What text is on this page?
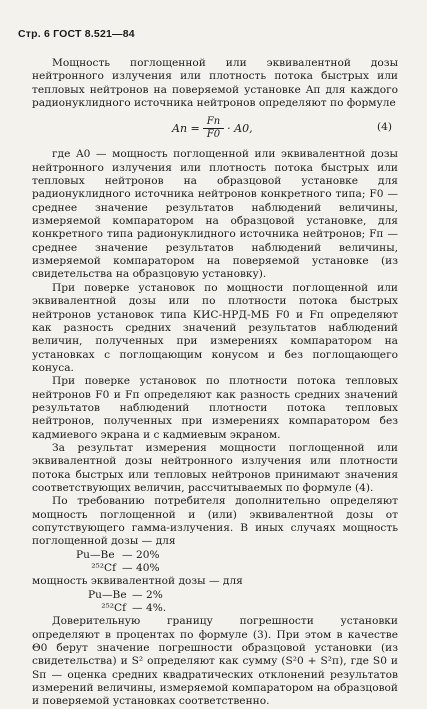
Стр. 6 ГОСТ 8.521—84

Мощность поглощенной или эквивалентной дозы нейтронного излучения или плотность потока быстрых или тепловых нейтронов на поверяемой установке Aп для каждого радионуклидного источника нейтронов определяют по формуле

Aп = $\frac{Fп}{F0} \cdot A0$,	(4)

где A0 — мощность поглощенной или эквивалентной дозы нейтронного излучения или плотность потока быстрых или тепловых нейтронов на образцовой установке для радионуклидного источника нейтронов конкретного типа; F0 — среднее значение результатов наблюдений величины, измеряемой компаратором на образцовой установке, для конкретного типа радионуклидного источника нейтронов; Fп — среднее значение результатов наблюдений величины, измеряемой компаратором на поверяемой установке (из свидетельства на образцовую установку).

При поверке установок по мощности поглощенной или эквивалентной дозы или по плотности потока быстрых нейтронов установок типа КИС-НРД-МБ F0 и Fп определяют как разность средних значений результатов наблюдений величин, полученных при измерениях компаратором на установках с поглощающим конусом и без поглощающего конуса.

При поверке установок по плотности потока тепловых нейтронов F0 и Fп определяют как разность средних значений результатов наблюдений плотности потока тепловых нейтронов, полученных при измерениях компаратором без кадмиевого экрана и с кадмиевым экраном.

За результат измерения мощности поглощенной или эквивалентной дозы нейтронного излучения или плотности потока быстрых или тепловых нейтронов принимают значения соответствующих величин, рассчитываемых по формуле (4).

По требованию потребителя дополнительно определяют мощность поглощенной и (или) эквивалентной дозы от сопутствующего гамма-излучения. В иных случаях мощность поглощенной дозы — для

Pu—Be — 20%
²⁵²Cf — 40%

мощность эквивалентной дозы — для

Pu—Be — 2%
²⁵²Cf — 4%.

Доверительную границу погрешности установки определяют в процентах по формуле (3). При этом в качестве Θ0 берут значение погрешности образцовой установки (из свидетельства) и S² определяют как сумму (S²0 + S²п), где S0 и Sп — оценка средних квадратических отклонений результатов измерений величины, измеряемой компаратором на образцовой и поверяемой установках соответственно.
